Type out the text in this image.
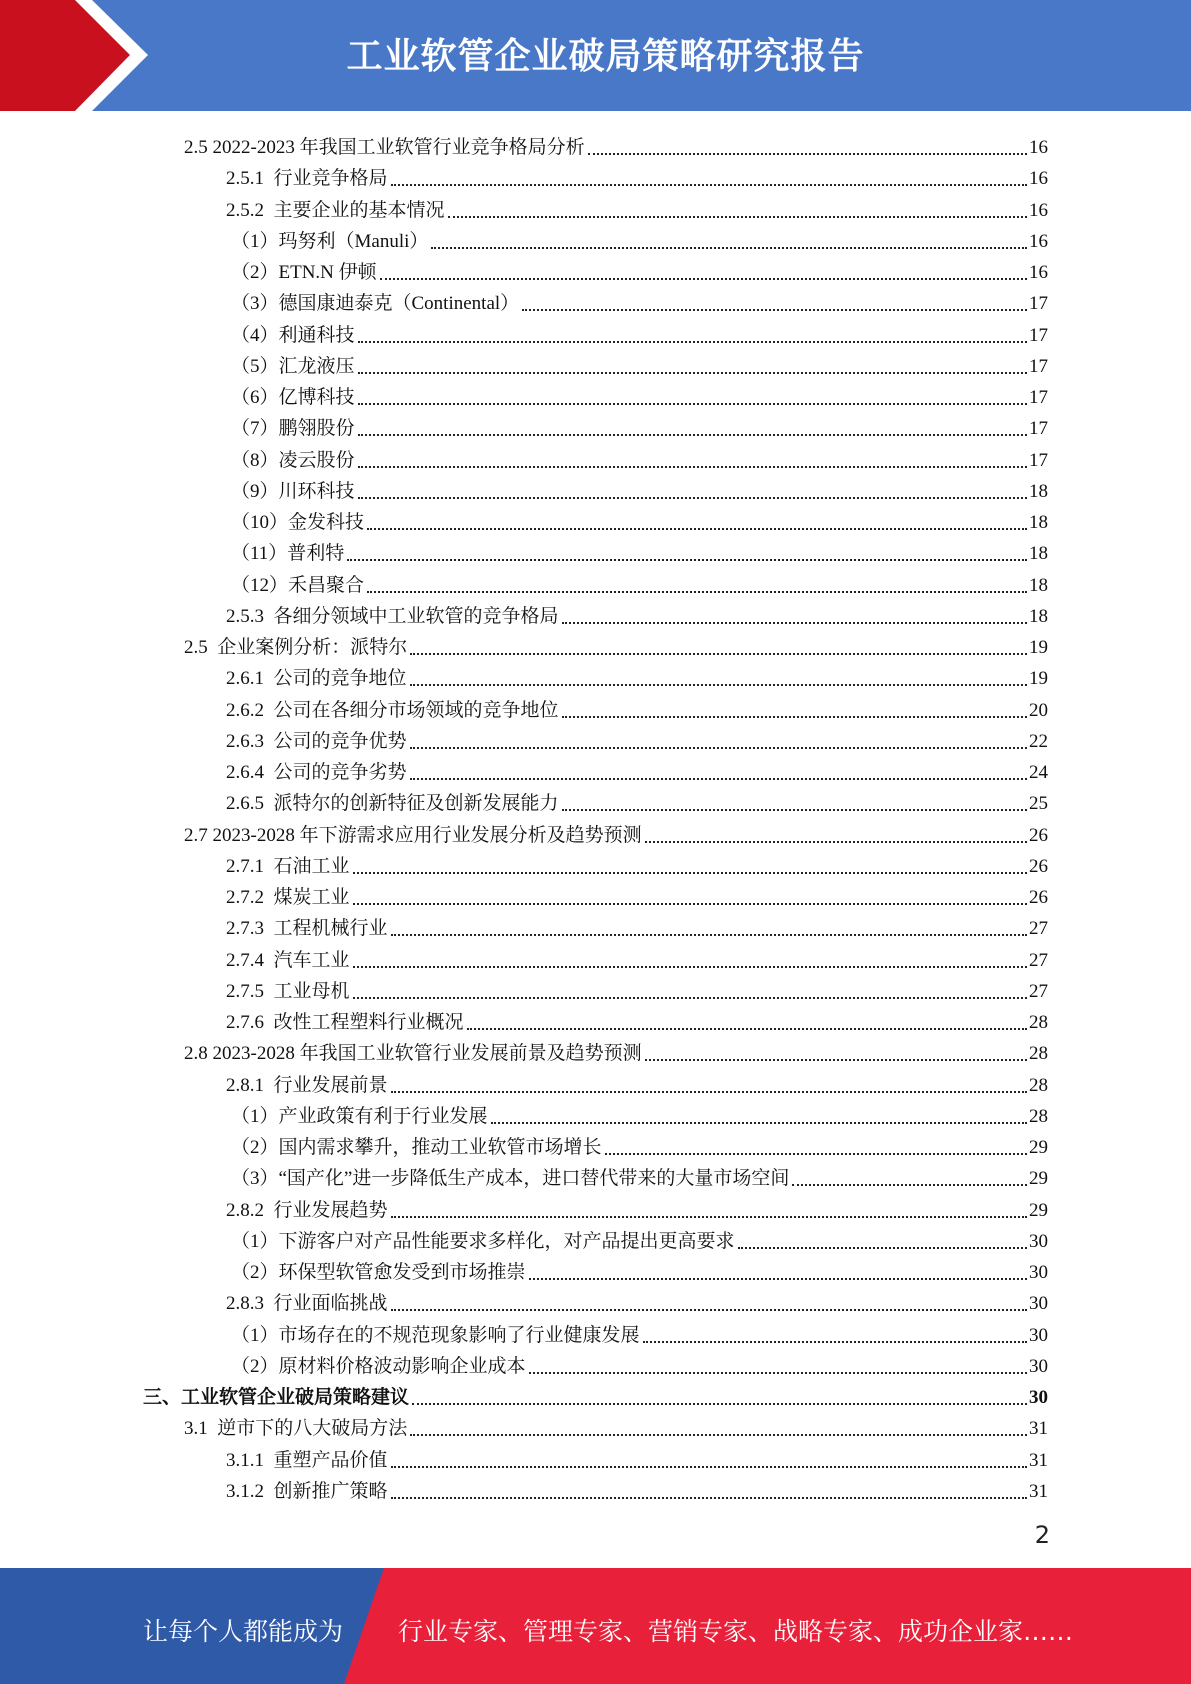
工业软管企业破局策略研究报告
2.5 2022-2023 年我国工业软管行业竞争格局分析	16
2.5.1  行业竞争格局	16
2.5.2  主要企业的基本情况	16
（1）玛努利（Manuli）	16
（2）ETN.N 伊顿	16
（3）德国康迪泰克（Continental）	17
（4）利通科技	17
（5）汇龙液压	17
（6）亿博科技	17
（7）鹏翎股份	17
（8）凌云股份	17
（9）川环科技	18
（10）金发科技	18
（11）普利特	18
（12）禾昌聚合	18
2.5.3  各细分领域中工业软管的竞争格局	18
2.5  企业案例分析：派特尔	19
2.6.1  公司的竞争地位	19
2.6.2  公司在各细分市场领域的竞争地位	20
2.6.3  公司的竞争优势	22
2.6.4  公司的竞争劣势	24
2.6.5  派特尔的创新特征及创新发展能力	25
2.7 2023-2028 年下游需求应用行业发展分析及趋势预测	26
2.7.1  石油工业	26
2.7.2  煤炭工业	26
2.7.3  工程机械行业	27
2.7.4  汽车工业	27
2.7.5  工业母机	27
2.7.6  改性工程塑料行业概况	28
2.8 2023-2028 年我国工业软管行业发展前景及趋势预测	28
2.8.1  行业发展前景	28
（1）产业政策有利于行业发展	28
（2）国内需求攀升，推动工业软管市场增长	29
（3）“国产化”进一步降低生产成本，进口替代带来的大量市场空间	29
2.8.2  行业发展趋势	29
（1）下游客户对产品性能要求多样化，对产品提出更高要求	30
（2）环保型软管愈发受到市场推崇	30
2.8.3  行业面临挑战	30
（1）市场存在的不规范现象影响了行业健康发展	30
（2）原材料价格波动影响企业成本	30
三、工业软管企业破局策略建议	30
3.1  逆市下的八大破局方法	31
3.1.1  重塑产品价值	31
3.1.2  创新推广策略	31
2
让每个人都能成为 行业专家、管理专家、营销专家、战略专家、成功企业家……
